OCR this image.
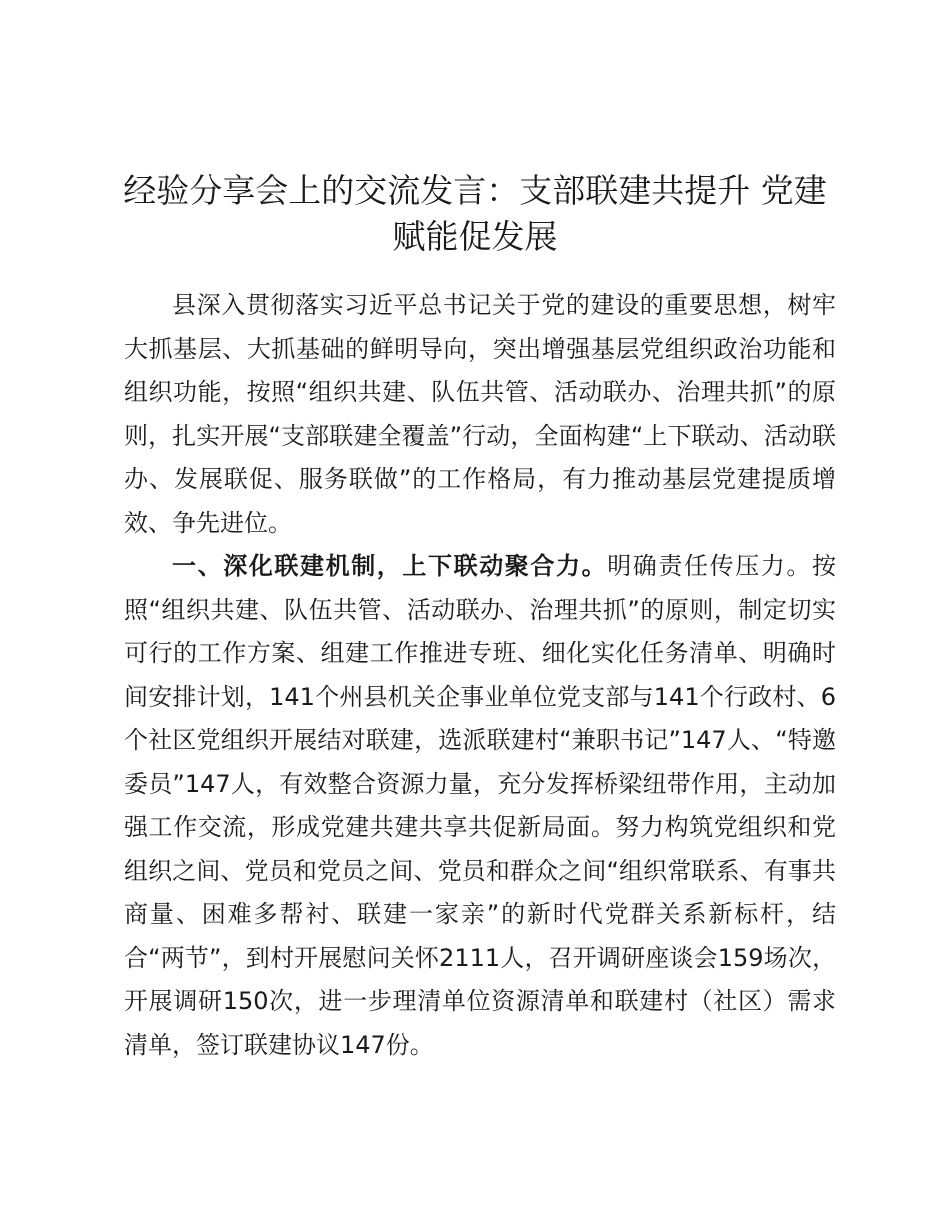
经验分享会上的交流发言：支部联建共提升 党建赋能促发展

县深入贯彻落实习近平总书记关于党的建设的重要思想，树牢大抓基层、大抓基础的鲜明导向，突出增强基层党组织政治功能和组织功能，按照“组织共建、队伍共管、活动联办、治理共抓”的原则，扎实开展“支部联建全覆盖”行动，全面构建“上下联动、活动联办、发展联促、服务联做”的工作格局，有力推动基层党建提质增效、争先进位。

一、深化联建机制，上下联动聚合力。明确责任传压力。按照“组织共建、队伍共管、活动联办、治理共抓”的原则，制定切实可行的工作方案、组建工作推进专班、细化实化任务清单、明确时间安排计划，141个州县机关企事业单位党支部与141个行政村、6个社区党组织开展结对联建，选派联建村“兼职书记”147人、“特邀委员”147人，有效整合资源力量，充分发挥桥梁纽带作用，主动加强工作交流，形成党建共建共享共促新局面。努力构筑党组织和党组织之间、党员和党员之间、党员和群众之间“组织常联系、有事共商量、困难多帮衬、联建一家亲”的新时代党群关系新标杆，结合“两节”，到村开展慰问关怀2111人，召开调研座谈会159场次，开展调研150次，进一步理清单位资源清单和联建村（社区）需求清单，签订联建协议147份。
